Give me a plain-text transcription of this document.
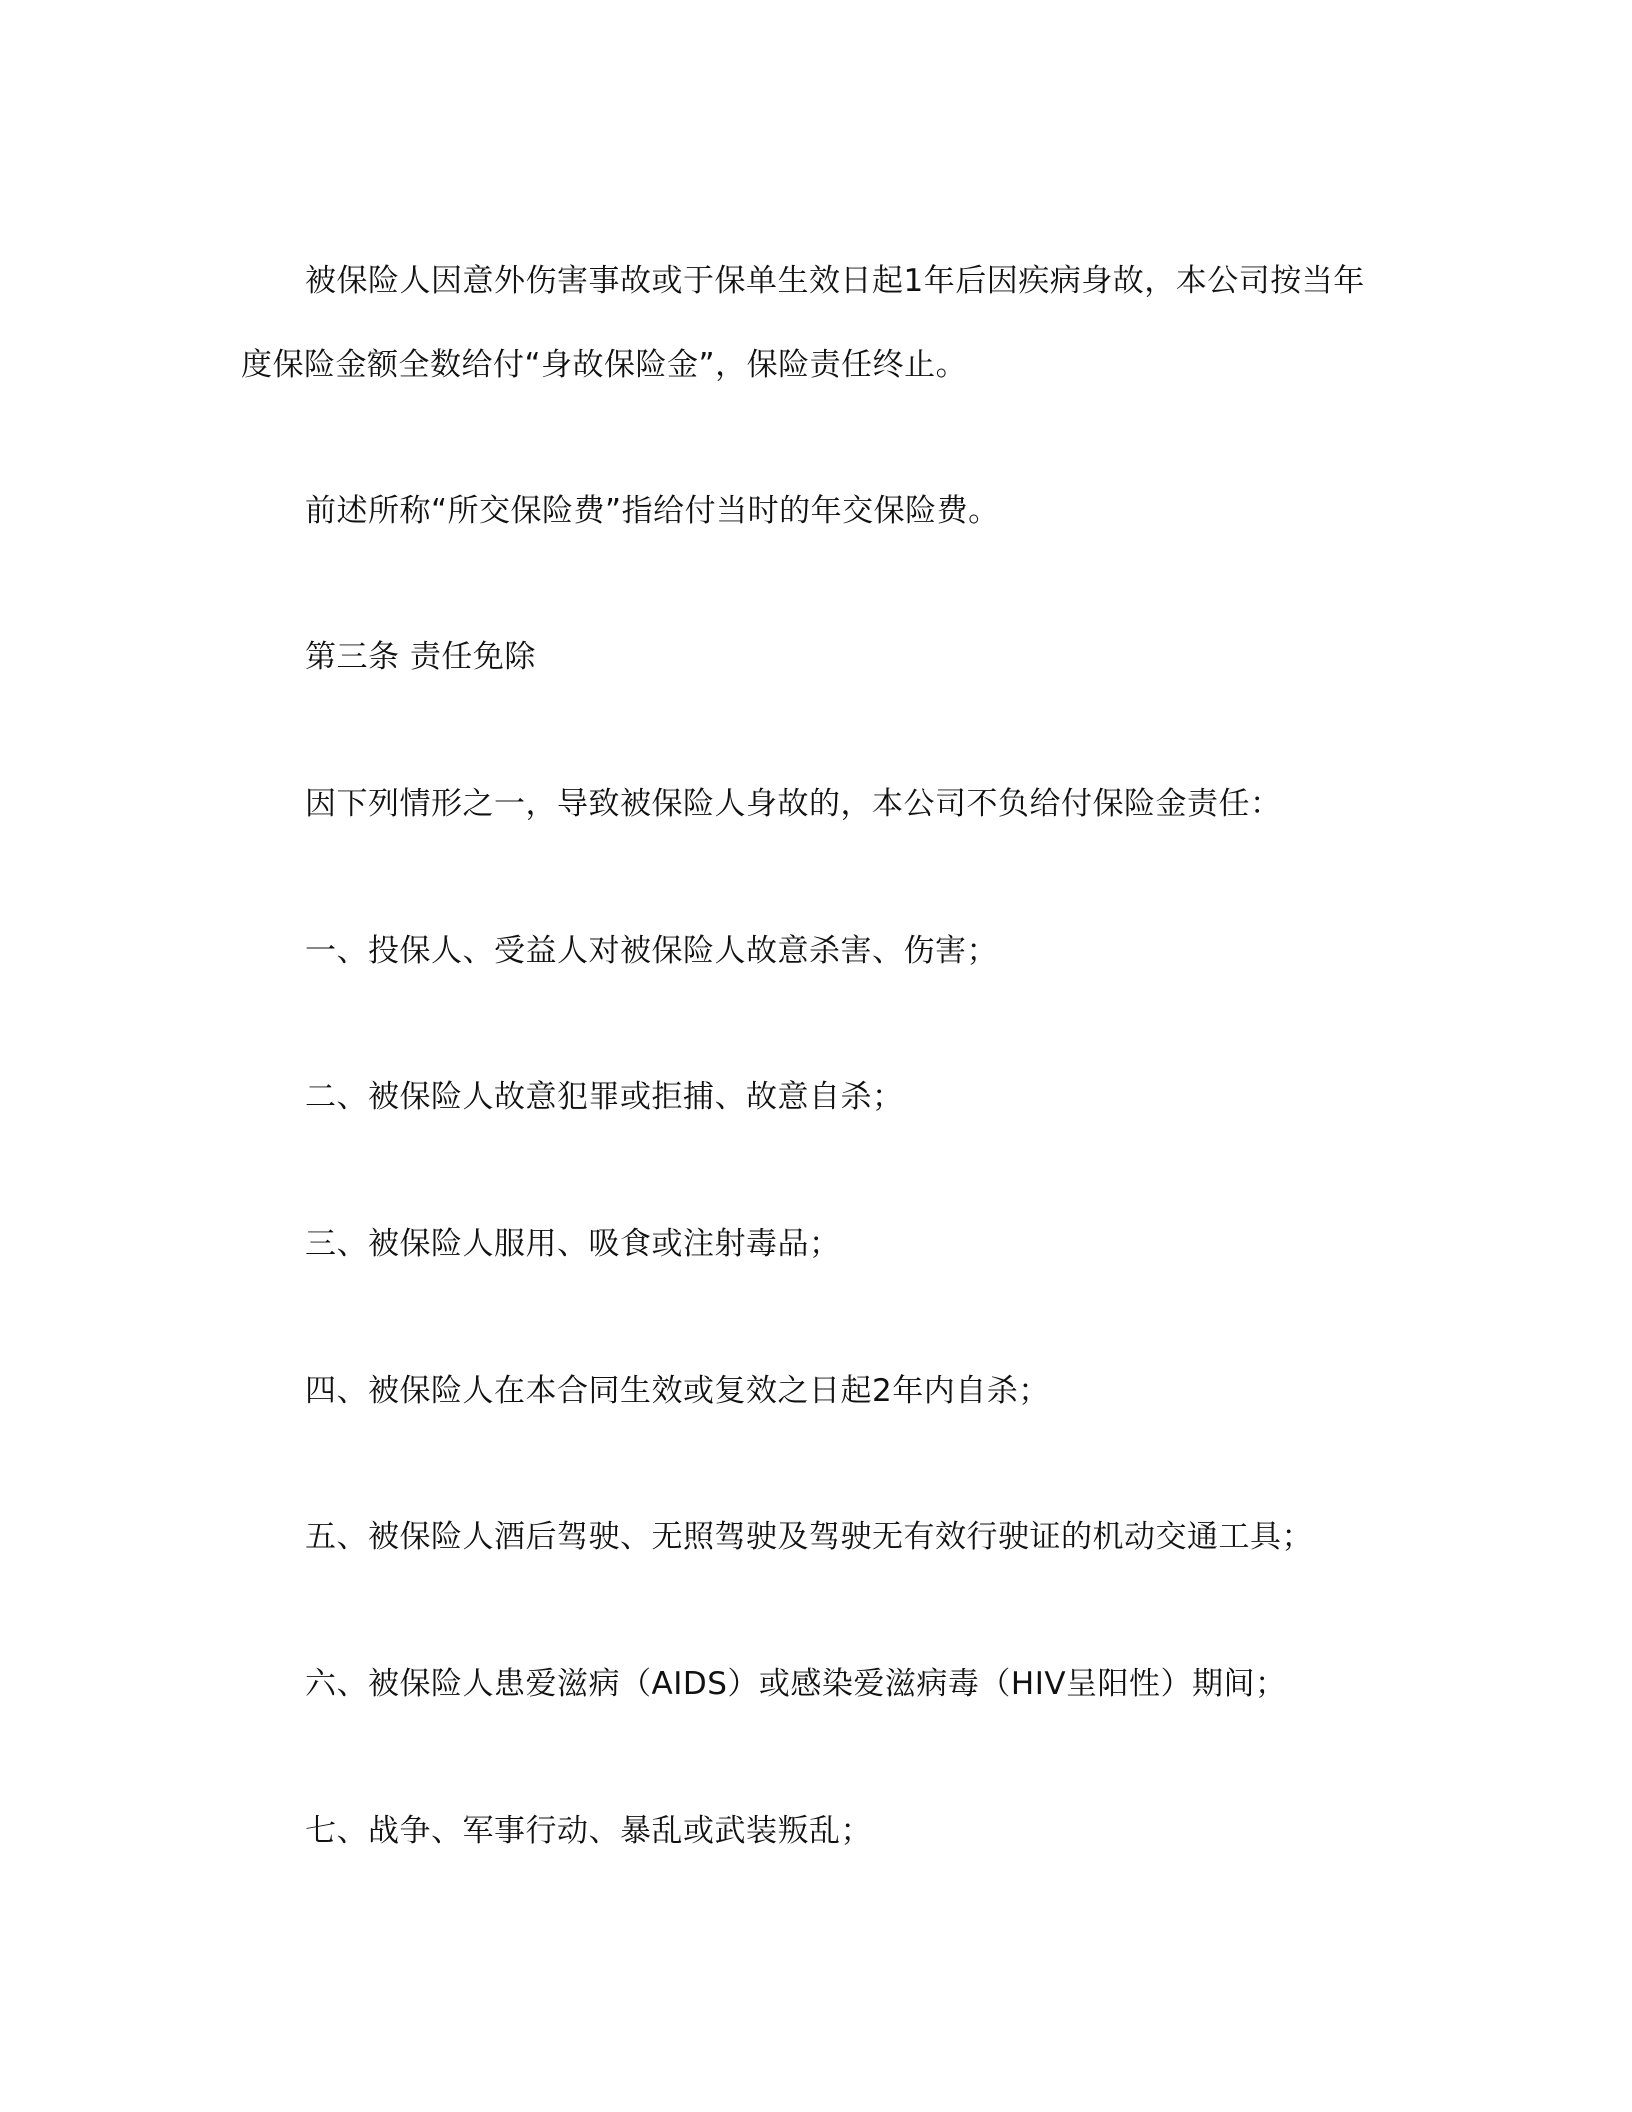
被保险人因意外伤害事故或于保单生效日起1年后因疾病身故，本公司按当年
度保险金额全数给付“身故保险金”，保险责任终止。
前述所称“所交保险费”指给付当时的年交保险费。
第三条 责任免除
因下列情形之一，导致被保险人身故的，本公司不负给付保险金责任：
一、投保人、受益人对被保险人故意杀害、伤害；
二、被保险人故意犯罪或拒捕、故意自杀；
三、被保险人服用、吸食或注射毒品；
四、被保险人在本合同生效或复效之日起2年内自杀；
五、被保险人酒后驾驶、无照驾驶及驾驶无有效行驶证的机动交通工具；
六、被保险人患爱滋病（AIDS）或感染爱滋病毒（HIV呈阳性）期间；
七、战争、军事行动、暴乱或武装叛乱；
